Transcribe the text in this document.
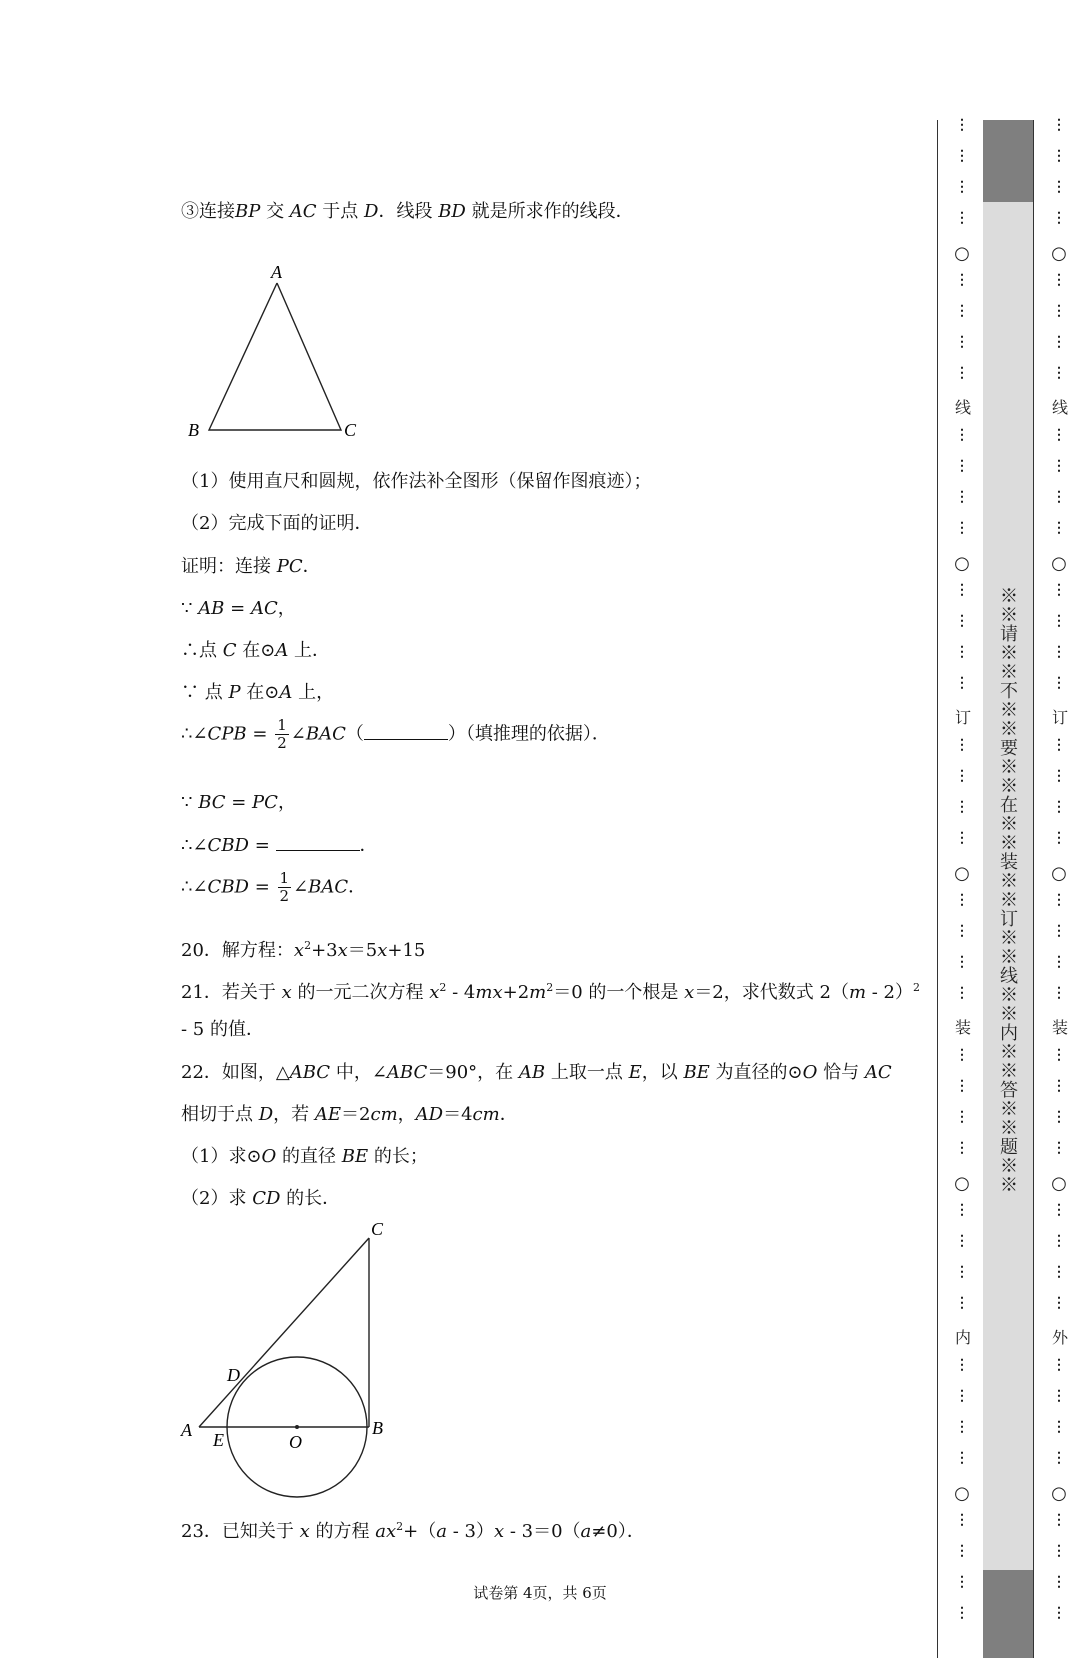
③连接BP 交 AC 于点 D．线段 BD 就是所求作的线段．
A
B	C
（1）使用直尺和圆规，依作法补全图形（保留作图痕迹）；
（2）完成下面的证明．
证明：连接 PC．
∵ AB = AC，
∴点 C 在⊙A 上．
∵ 点 P 在⊙A 上，
∴∠CPB = $\frac{1}{2}$ ∠BAC（	）（填推理的依据）．
∵ BC = PC，
∴∠CBD =	．
∴∠CBD = $\frac{1}{2}$ ∠BAC．
20．解方程：$x^2+3x=5x+15$
21．若关于 x 的一元二次方程 $x^2 - 4mx+2m^2=0$ 的一个根是 x＝2，求代数式 2（m - 2）$^2$
- 5 的值．
22．如图，△ABC 中，∠ABC＝90°，在 AB 上取一点 E，以 BE 为直径的⊙O 恰与 AC
相切于点 D，若 AE＝2cm，AD＝4cm．
（1）求⊙O 的直径 BE 的长；
（2）求 CD 的长．
C
D
A E	O
B
23．已知关于 x 的方程 $ax^2+(a - 3)x - 3=0(a\ne 0)$．
试卷第 4页，共 6页
⋮
⋮
⋮
⋮
○
⋮
⋮
⋮
⋮
线
⋮
⋮
⋮
⋮
○
⋮
⋮
⋮
⋮
订
⋮
⋮
⋮
⋮
○
⋮
⋮
⋮
⋮
装
⋮
⋮
⋮
⋮
○
⋮
⋮
⋮
⋮
内
⋮
⋮
⋮
⋮
○
⋮
⋮
⋮
⋮
⋮
⋮
⋮
⋮
○
⋮
⋮
⋮
⋮
线
⋮
⋮
⋮
⋮
○
⋮
⋮
⋮
⋮
订
⋮
⋮
⋮
⋮
○
⋮
⋮
⋮
⋮
装
⋮
⋮
⋮
⋮
○
⋮
⋮
⋮
⋮
外
⋮
⋮
⋮
⋮
○
⋮
⋮
⋮
⋮
※※请※※不※※要※※在※※装※※订※※线※※内※※答※※题※※
